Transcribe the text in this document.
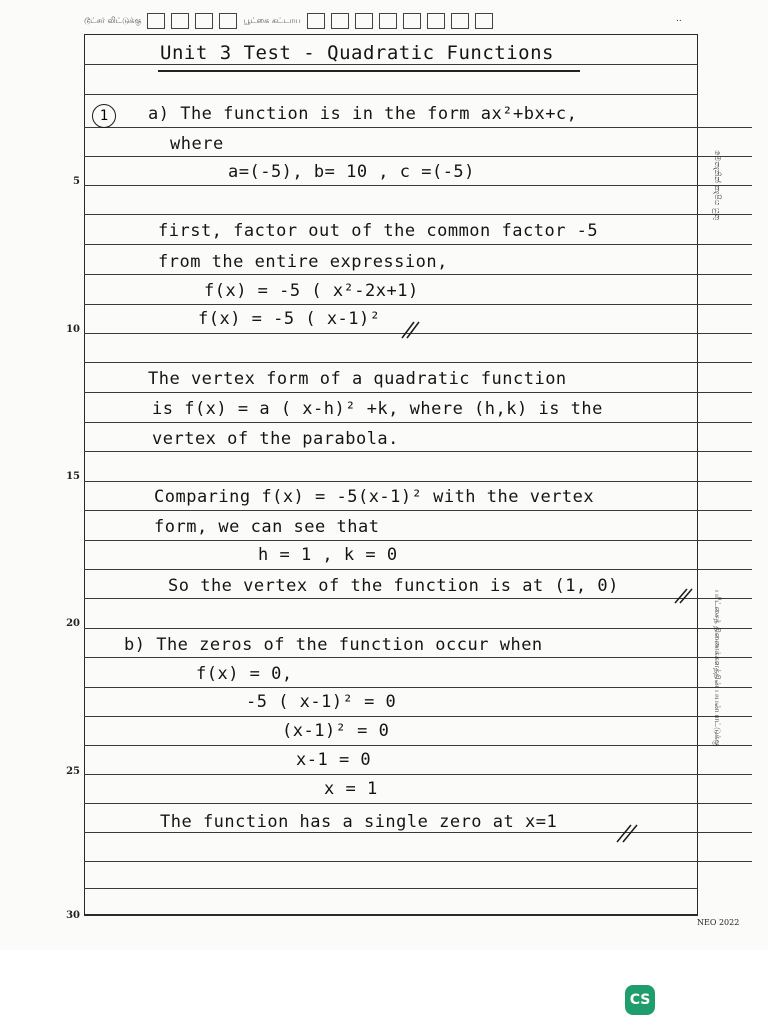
டூட்சர் லிட்டுக்கு	பூட்கை கட்டாய	..
5
10
15
20
25
30
Unit 3 Test - Quadratic Functions
1	a) The function is in the form ax²+bx+c,
where
a=(-5), b= 10 , c =(-5)
first, factor out of the common factor -5
from the entire expression,
f(x) = -5 ( x²-2x+1)
f(x) = -5 ( x-1)²
The vertex form of a quadratic function
is f(x) = a ( x-h)² +k, where (h,k) is the
vertex of the parabola.
Comparing f(x) = -5(x-1)² with the vertex
form, we can see that
h = 1 , k = 0
So the vertex of the function is at (1, 0)
b) The zeros of the function occur when
f(x) = 0,
-5 ( x-1)² = 0
(x-1)² = 0
x-1 = 0
x = 1
The function has a single zero at x=1
මෙතැනින් කැපිය යුතු
பரீட்சைத் திணைக்களத்தின் பயன்பாட்டுக்கு
NEO 2022
CS
